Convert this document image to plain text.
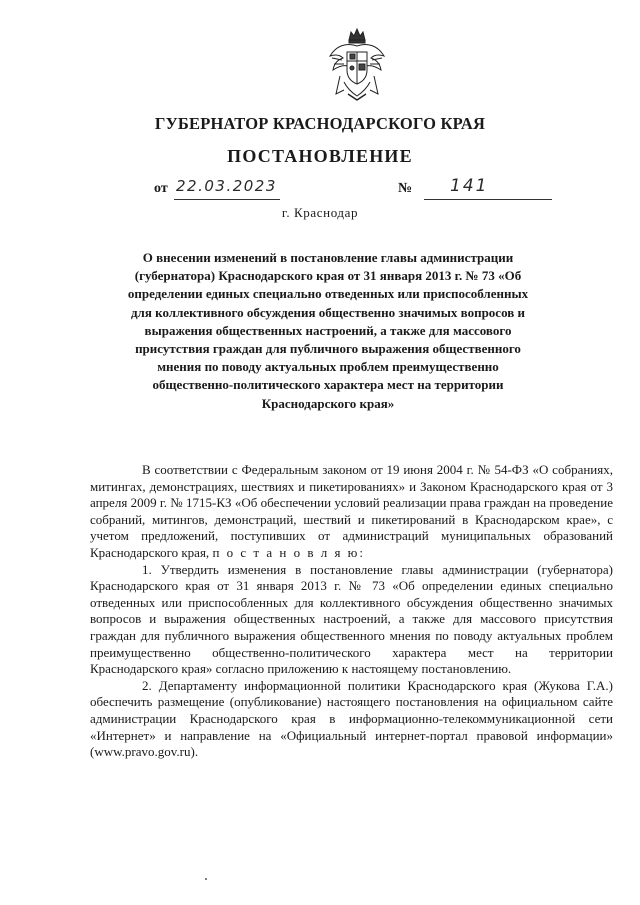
ГУБЕРНАТОР КРАСНОДАРСКОГО КРАЯ
ПОСТАНОВЛЕНИЕ
от 22.03.2023	№ 141
г. Краснодар
О внесении изменений в постановление главы администрации (губернатора) Краснодарского края от 31 января 2013 г. № 73 «Об определении единых специально отведенных или приспособленных для коллективного обсуждения общественно значимых вопросов и выражения общественных настроений, а также для массового присутствия граждан для публичного выражения общественного мнения по поводу актуальных проблем преимущественно общественно-политического характера мест на территории Краснодарского края»

В соответствии с Федеральным законом от 19 июня 2004 г. № 54-ФЗ «О собраниях, митингах, демонстрациях, шествиях и пикетированиях» и Законом Краснодарского края от 3 апреля 2009 г. № 1715-КЗ «Об обеспечении условий реализации права граждан на проведение собраний, митингов, демонстраций, шествий и пикетирований в Краснодарском крае», с учетом предложений, поступивших от администраций муниципальных образований Краснодарского края, п о с т а н о в л я ю:

1. Утвердить изменения в постановление главы администрации (губернатора) Краснодарского края от 31 января 2013 г. № 73 «Об определении единых специально отведенных или приспособленных для коллективного обсуждения общественно значимых вопросов и выражения общественных настроений, а также для массового присутствия граждан для публичного выражения общественного мнения по поводу актуальных проблем преимущественно общественно-политического характера мест на территории Краснодарского края» согласно приложению к настоящему постановлению.

2. Департаменту информационной политики Краснодарского края (Жукова Г.А.) обеспечить размещение (опубликование) настоящего постановления на официальном сайте администрации Краснодарского края в информационно-телекоммуникационной сети «Интернет» и направление на «Официальный интернет-портал правовой информации» (www.pravo.gov.ru).
